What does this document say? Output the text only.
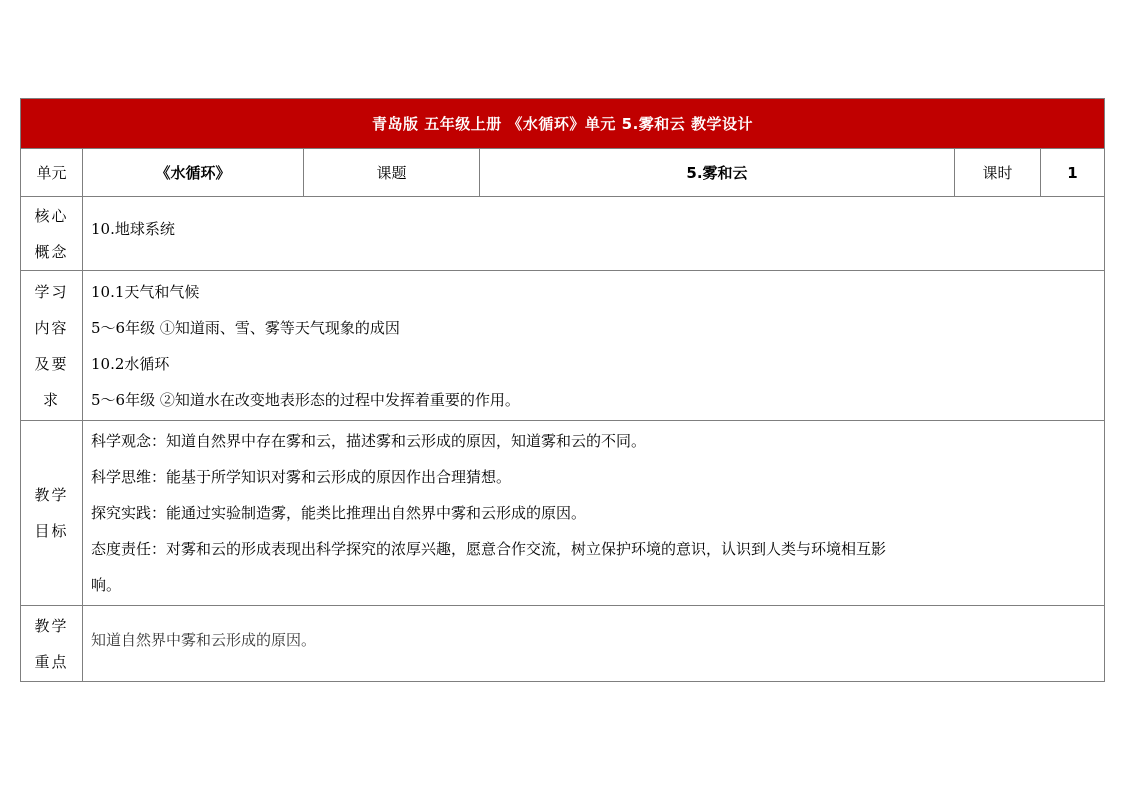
青岛版 五年级上册 《水循环》单元 5.雾和云 教学设计					
单元	《水循环》	课题	5.雾和云	课时	1

核心
概念	10.地球系统				

学习
内容
及要
求	10.1天气和气候
5～6年级 ①知道雨、雪、雾等天气现象的成因
10.2水循环
5～6年级 ②知道水在改变地表形态的过程中发挥着重要的作用。				

教学
目标	科学观念：知道自然界中存在雾和云，描述雾和云形成的原因，知道雾和云的不同。
科学思维：能基于所学知识对雾和云形成的原因作出合理猜想。
探究实践：能通过实验制造雾，能类比推理出自然界中雾和云形成的原因。
态度责任：对雾和云的形成表现出科学探究的浓厚兴趣，愿意合作交流，树立保护环境的意识，认识到人类与环境相互影
响。				

教学
重点	知道自然界中雾和云形成的原因。				
